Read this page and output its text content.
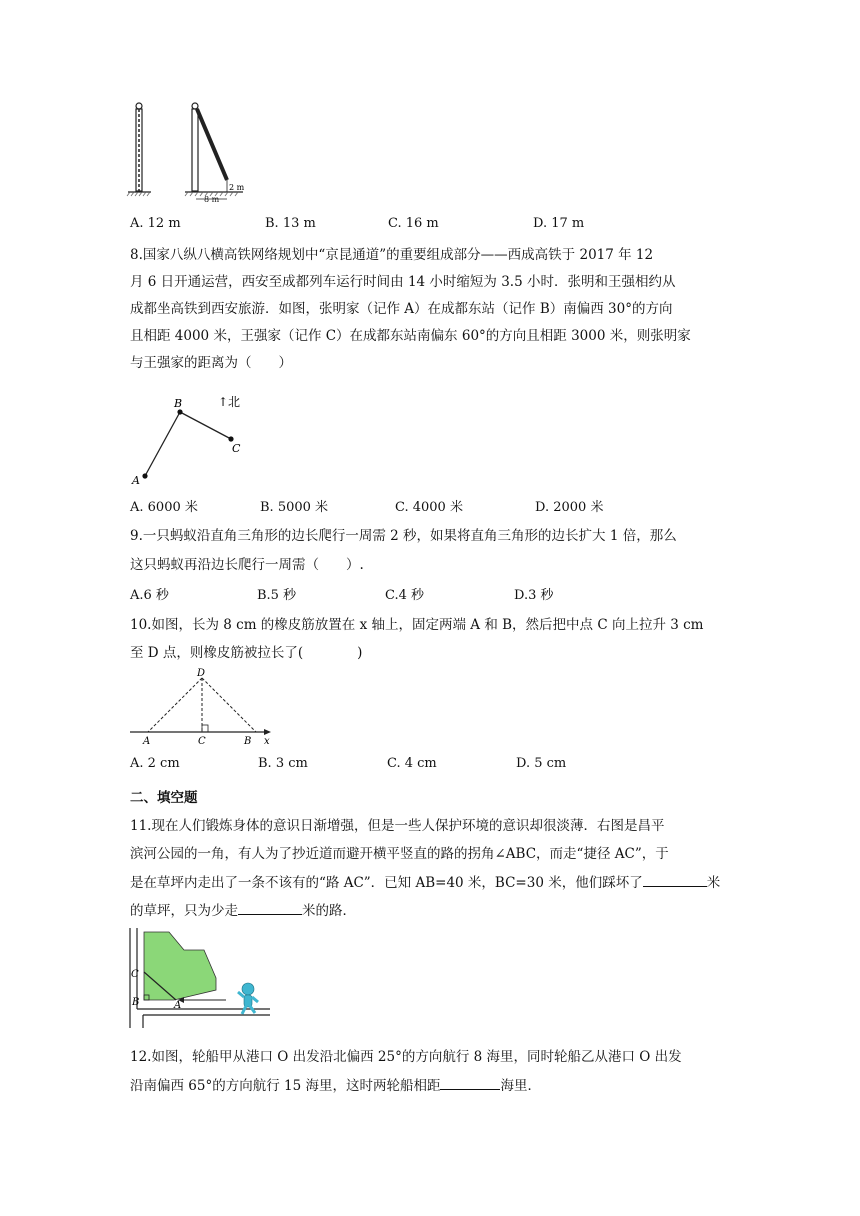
2 m
8 m
A. 12 m	B. 13 m	C. 16 m	D. 17 m
8.国家八纵八横高铁网络规划中“京昆通道”的重要组成部分——西成高铁于 2017 年 12
月 6 日开通运营，西安至成都列车运行时间由 14 小时缩短为 3.5 小时．张明和王强相约从
成都坐高铁到西安旅游．如图，张明家（记作 A）在成都东站（记作 B）南偏西 30°的方向
且相距 4000 米，王强家（记作 C）在成都东站南偏东 60°的方向且相距 3000 米，则张明家
与王强家的距离为（　　）
A
B
C
↑北
A. 6000 米	B. 5000 米	C. 4000 米	D. 2000 米
9.一只蚂蚁沿直角三角形的边长爬行一周需 2 秒，如果将直角三角形的边长扩大 1 倍，那么
这只蚂蚁再沿边长爬行一周需（　　）.
A.6 秒	B.5 秒	C.4 秒	D.3 秒
10.如图，长为 8 cm 的橡皮筋放置在 x 轴上，固定两端 A 和 B，然后把中点 C 向上拉升 3 cm
至 D 点，则橡皮筋被拉长了(　　　　)
D
A	C	B x
A. 2 cm	B. 3 cm	C. 4 cm	D. 5 cm
二、填空题
11.现在人们锻炼身体的意识日渐增强，但是一些人保护环境的意识却很淡薄．右图是昌平
滨河公园的一角，有人为了抄近道而避开横平竖直的路的拐角∠ABC，而走“捷径 AC”，于
是在草坪内走出了一条不该有的“路 AC”．已知 AB=40 米，BC=30 米，他们踩坏了	米
的草坪，只为少走	米的路．
C
B	A
12.如图，轮船甲从港口 O 出发沿北偏西 25°的方向航行 8 海里，同时轮船乙从港口 O 出发
沿南偏西 65°的方向航行 15 海里，这时两轮船相距	海里．
